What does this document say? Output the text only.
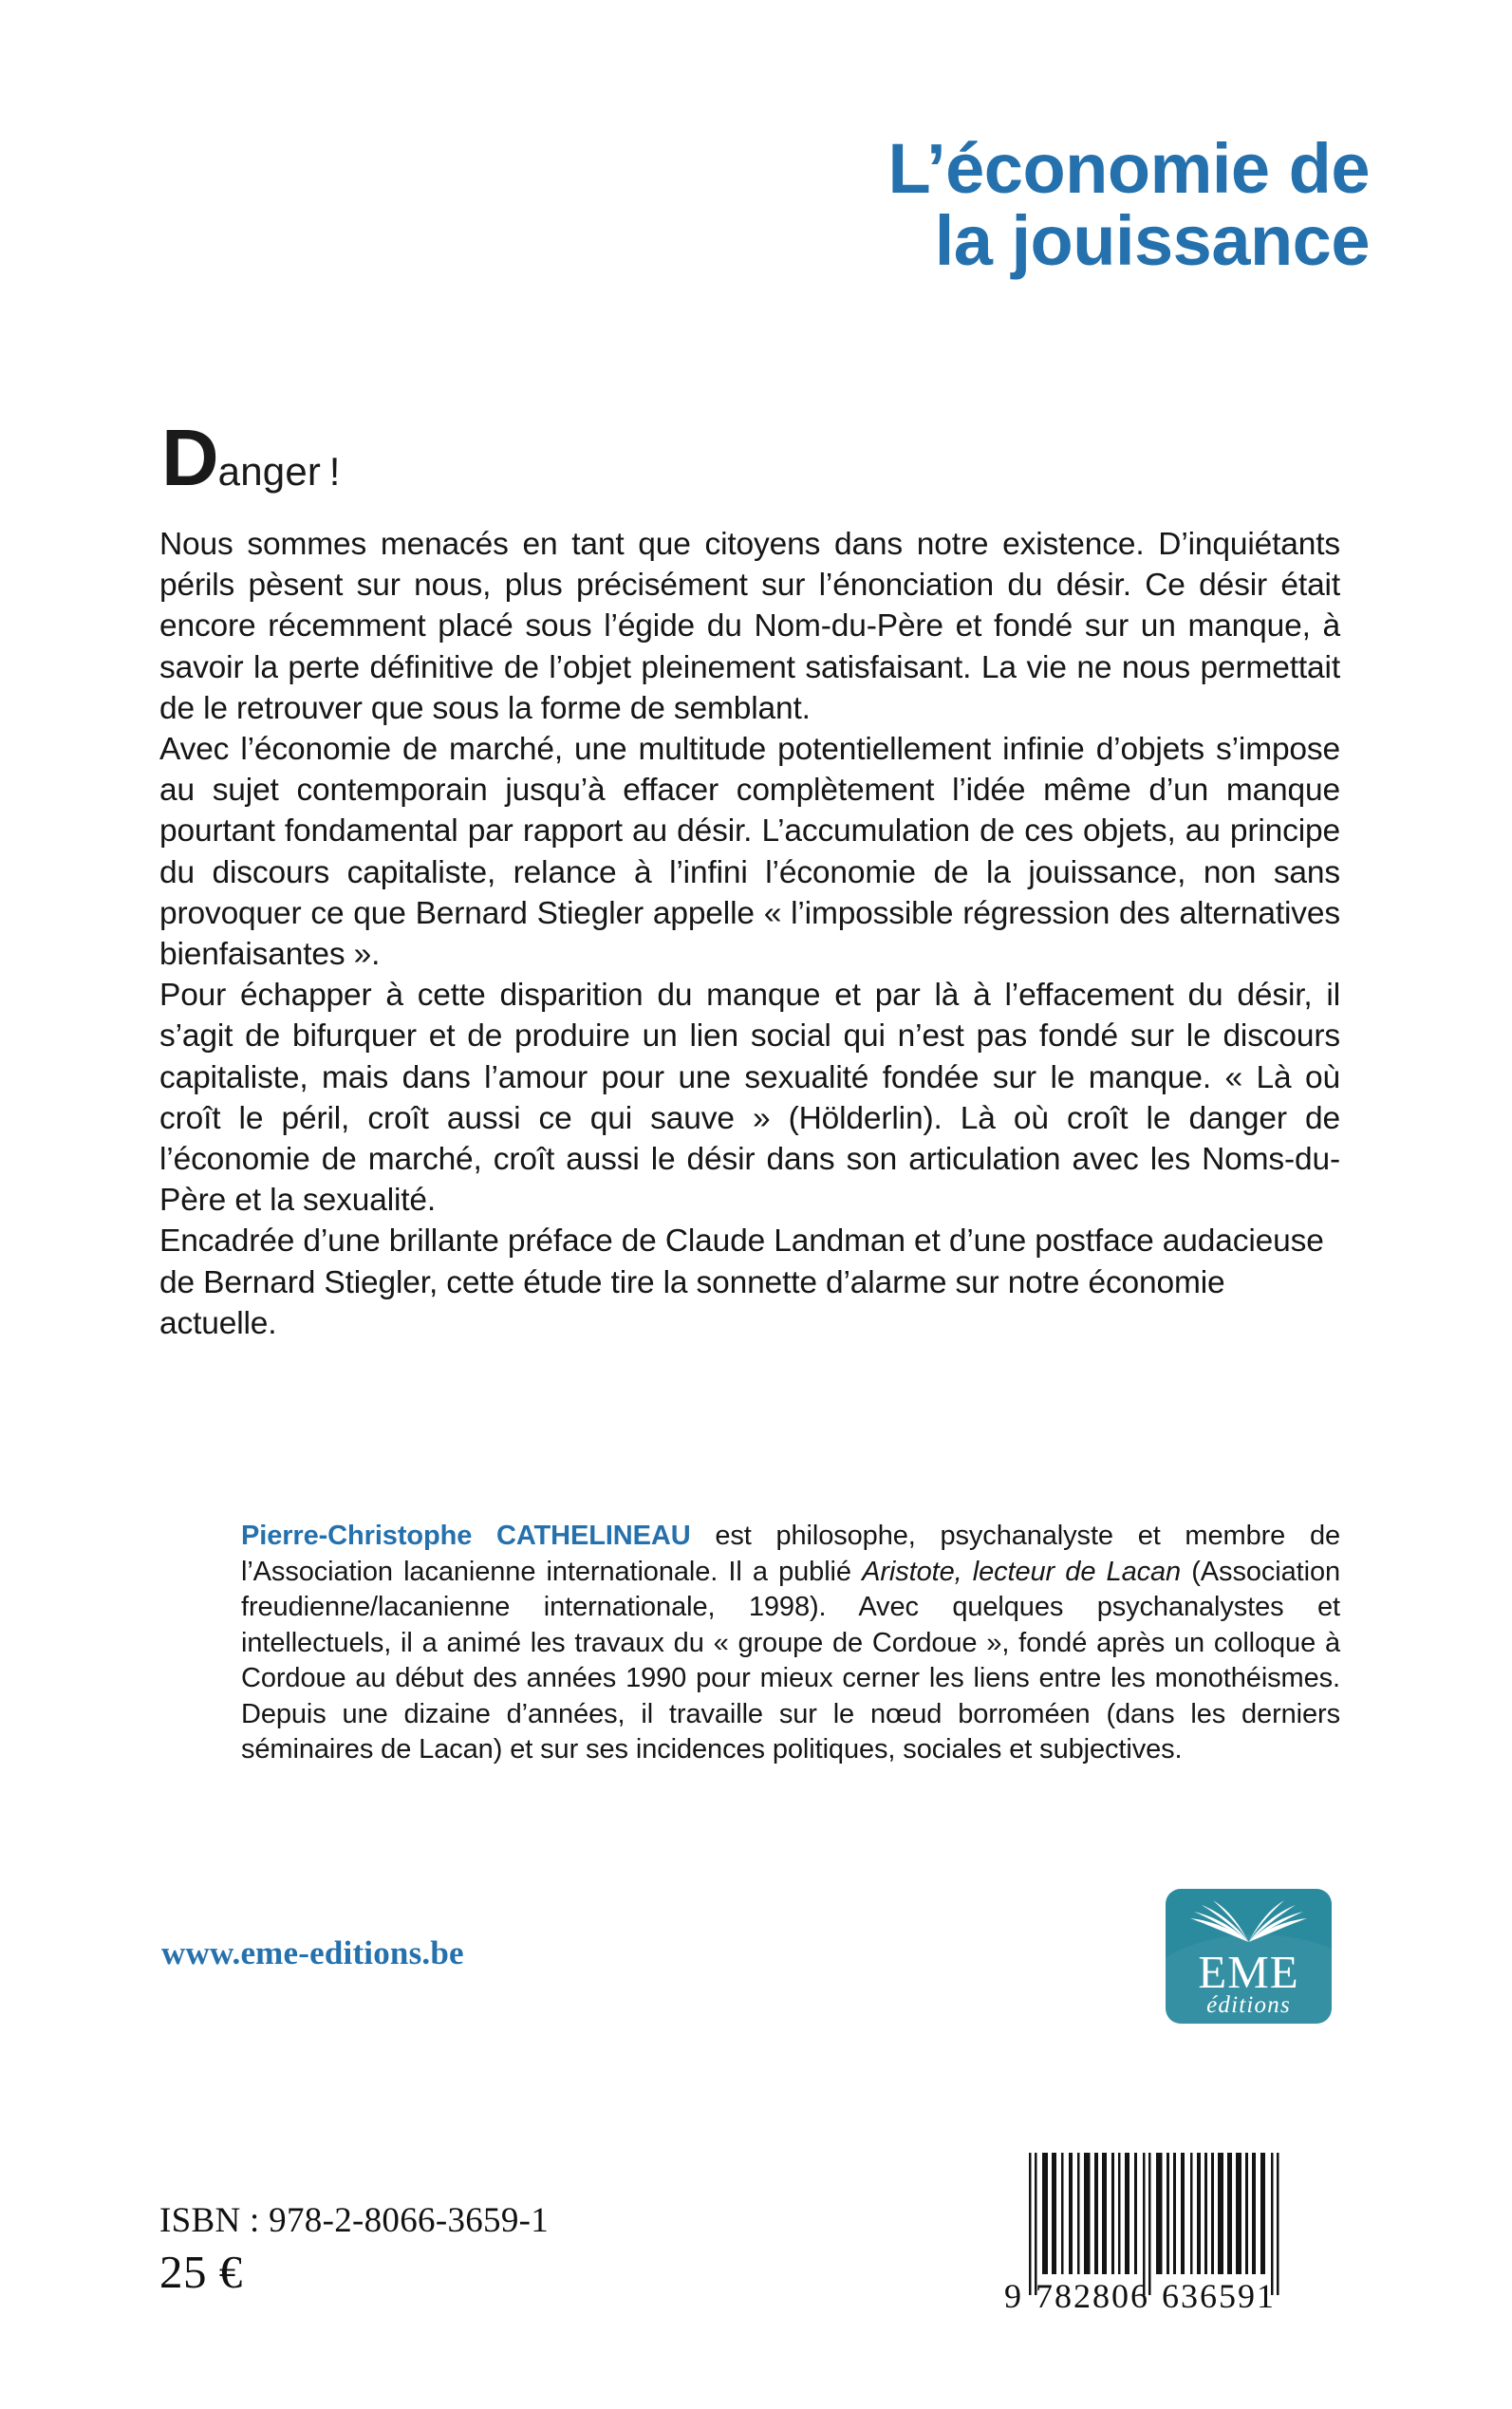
L’économie de
la jouissance
Danger !

Nous sommes menacés en tant que citoyens dans notre existence. D’inquiétants périls pèsent sur nous, plus précisément sur l’énonciation du désir. Ce désir était encore récemment placé sous l’égide du Nom-du-Père et fondé sur un manque, à savoir la perte définitive de l’objet pleinement satisfaisant. La vie ne nous permettait de le retrouver que sous la forme de semblant.

Avec l’économie de marché, une multitude potentiellement infinie d’objets s’impose au sujet contemporain jusqu’à effacer complètement l’idée même d’un manque pourtant fondamental par rapport au désir. L’accumulation de ces objets, au principe du discours capitaliste, relance à l’infini l’économie de la jouissance, non sans provoquer ce que Bernard Stiegler appelle « l’impossible régression des alternatives bienfaisantes ».

Pour échapper à cette disparition du manque et par là à l’effacement du désir, il s’agit de bifurquer et de produire un lien social qui n’est pas fondé sur le discours capitaliste, mais dans l’amour pour une sexualité fondée sur le manque. « Là où croît le péril, croît aussi ce qui sauve » (Hölderlin). Là où croît le danger de l’économie de marché, croît aussi le désir dans son articulation avec les Noms-du-Père et la sexualité.

Encadrée d’une brillante préface de Claude Landman et d’une postface audacieuse de Bernard Stiegler, cette étude tire la sonnette d’alarme sur notre économie actuelle.

Pierre-Christophe CATHELINEAU est philosophe, psychanalyste et membre de l’Association lacanienne internationale. Il a publié Aristote, lecteur de Lacan (Association freudienne/lacanienne internationale, 1998). Avec quelques psychanalystes et intellectuels, il a animé les travaux du « groupe de Cordoue », fondé après un colloque à Cordoue au début des années 1990 pour mieux cerner les liens entre les monothéismes. Depuis une dizaine d’années, il travaille sur le nœud borroméen (dans les derniers séminaires de Lacan) et sur ses incidences politiques, sociales et subjectives.

www.eme-editions.be	EME
éditions
ISBN : 978-2-8066-3659-1
25 €	9 782806 636591
